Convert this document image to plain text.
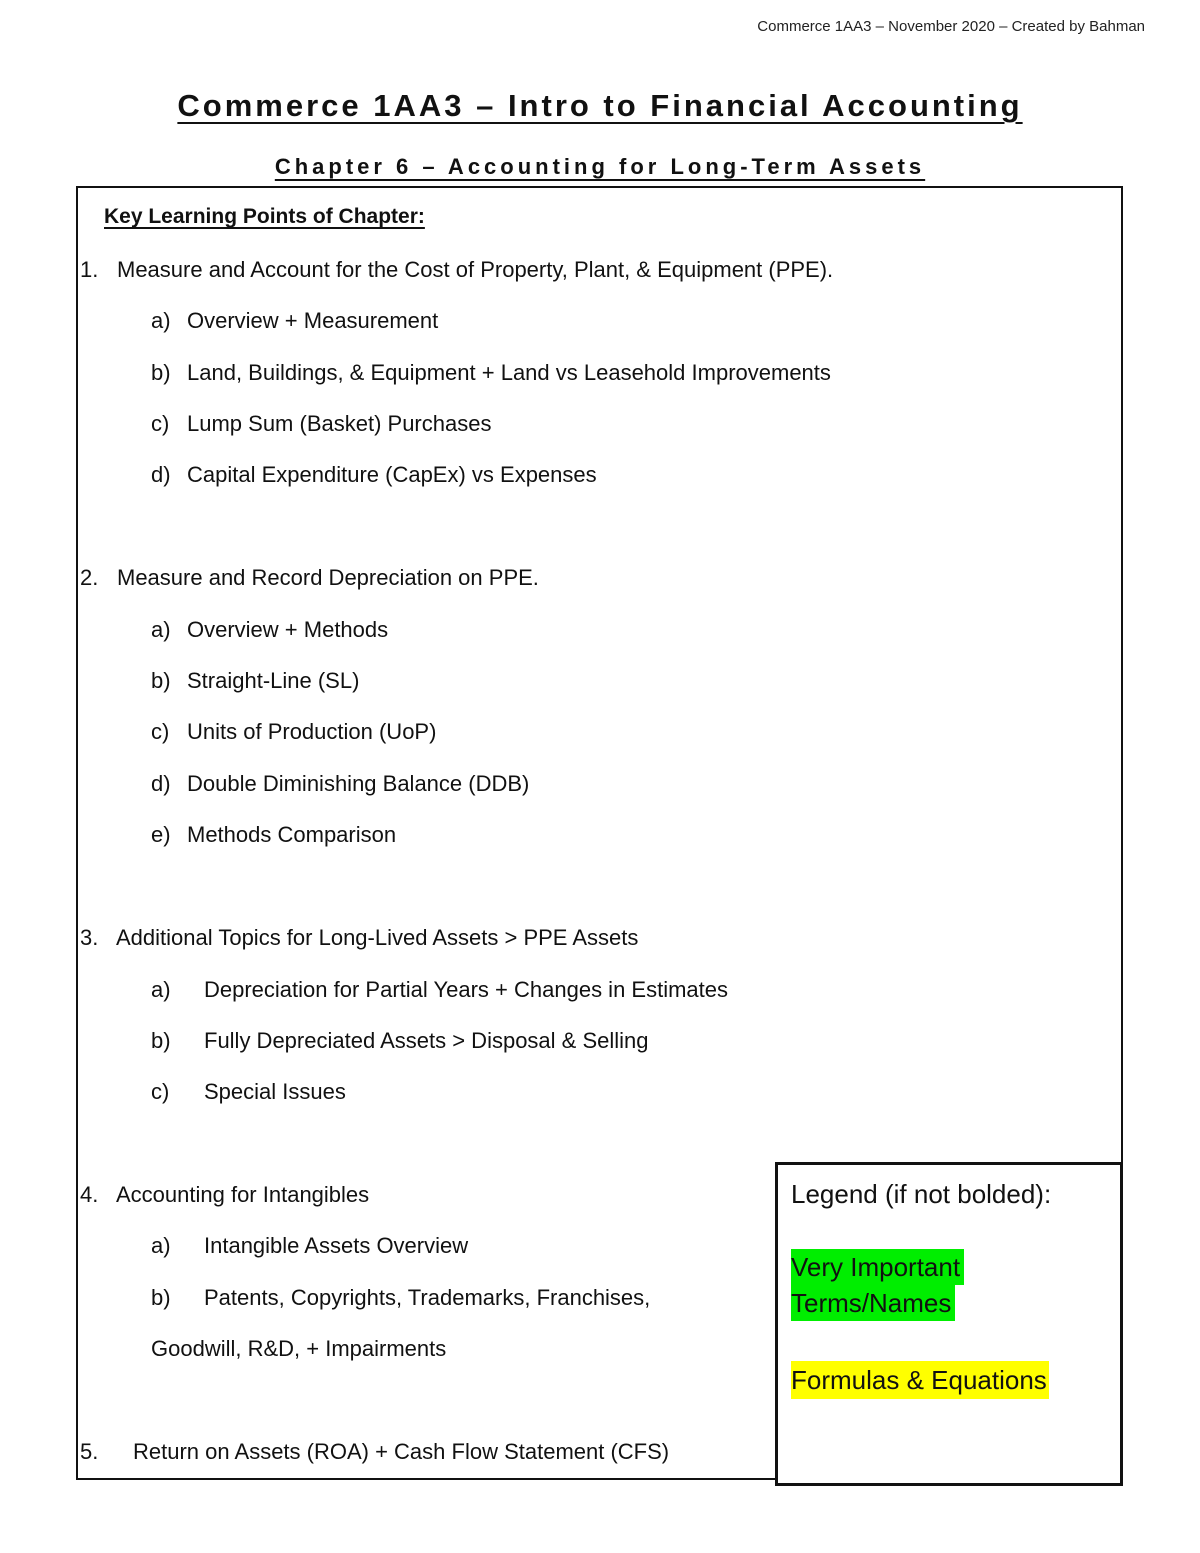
Commerce 1AA3 – November 2020 – Created by Bahman
Commerce 1AA3 – Intro to Financial Accounting
Chapter 6 – Accounting for Long-Term Assets
Key Learning Points of Chapter:
1. Measure and Account for the Cost of Property, Plant, & Equipment (PPE).
a) Overview + Measurement
b) Land, Buildings, & Equipment + Land vs Leasehold Improvements
c) Lump Sum (Basket) Purchases
d) Capital Expenditure (CapEx) vs Expenses
2. Measure and Record Depreciation on PPE.
a) Overview + Methods
b) Straight-Line (SL)
c) Units of Production (UoP)
d) Double Diminishing Balance (DDB)
e) Methods Comparison
3. Additional Topics for Long-Lived Assets > PPE Assets
a) Depreciation for Partial Years + Changes in Estimates
b) Fully Depreciated Assets > Disposal & Selling
c) Special Issues
4. Accounting for Intangibles
a) Intangible Assets Overview
b) Patents, Copyrights, Trademarks, Franchises,
Goodwill, R&D, + Impairments
5. Return on Assets (ROA) + Cash Flow Statement (CFS)
Legend (if not bolded):
Very Important
Terms/Names
Formulas & Equations
